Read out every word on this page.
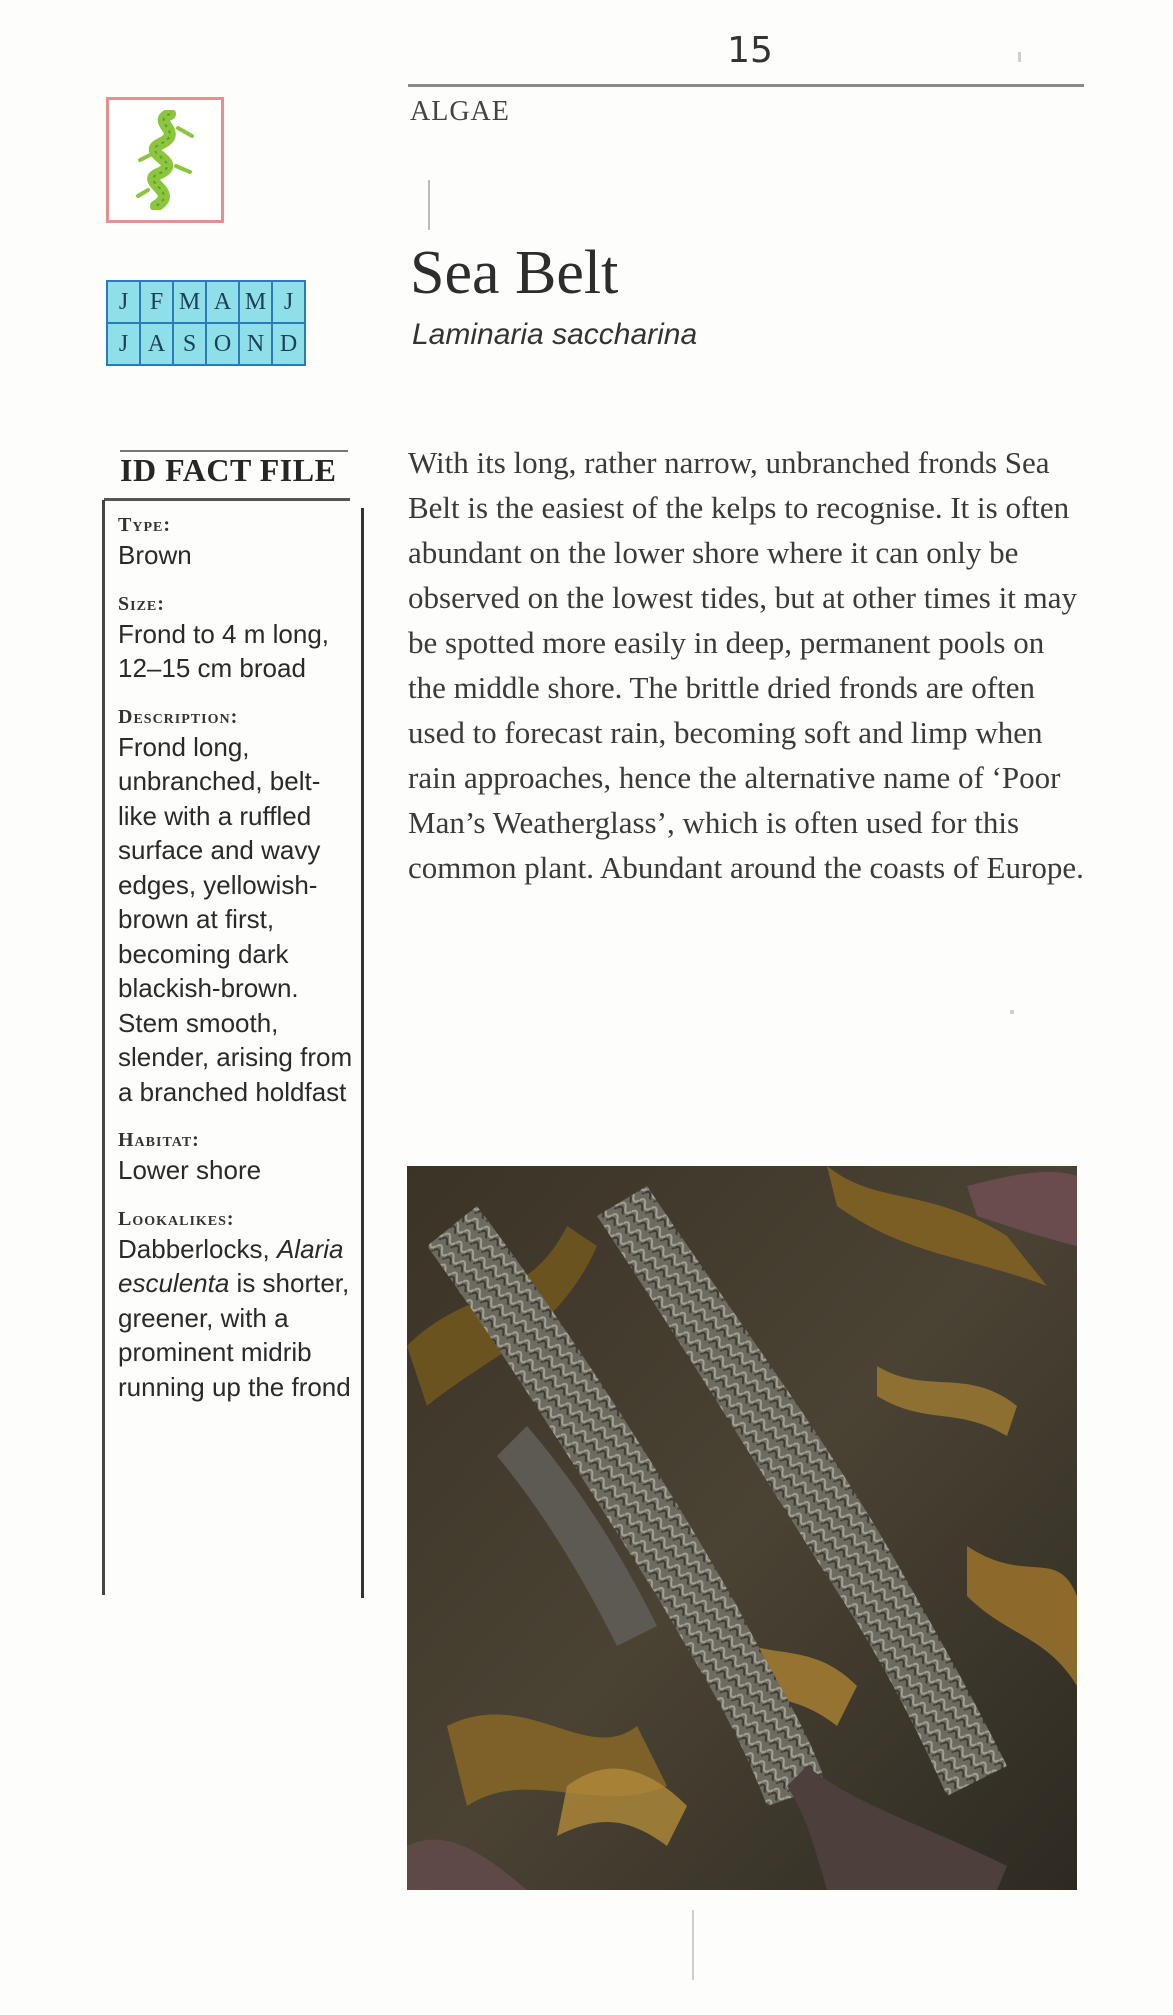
15
ALGAE
J	F	M	A	M	J
J	A	S	O	N	D
Sea Belt
Laminaria saccharina
ID FACT FILE
Type:
Brown
Size:
Frond to 4 m long, 12–15 cm broad
Description:
Frond long, unbranched, belt-like with a ruffled surface and wavy edges, yellowish-brown at first, becoming dark blackish-brown. Stem smooth, slender, arising from a branched holdfast
Habitat:
Lower shore
Lookalikes:
Dabberlocks, Alaria esculenta is shorter, greener, with a prominent midrib running up the frond

With its long, rather narrow, unbranched fronds Sea Belt is the easiest of the kelps to recognise. It is often abundant on the lower shore where it can only be observed on the lowest tides, but at other times it may be spotted more easily in deep, permanent pools on the middle shore. The brittle dried fronds are often used to forecast rain, becoming soft and limp when rain approaches, hence the alternative name of ‘Poor Man’s Weatherglass’, which is often used for this common plant. Abundant around the coasts of Europe.
